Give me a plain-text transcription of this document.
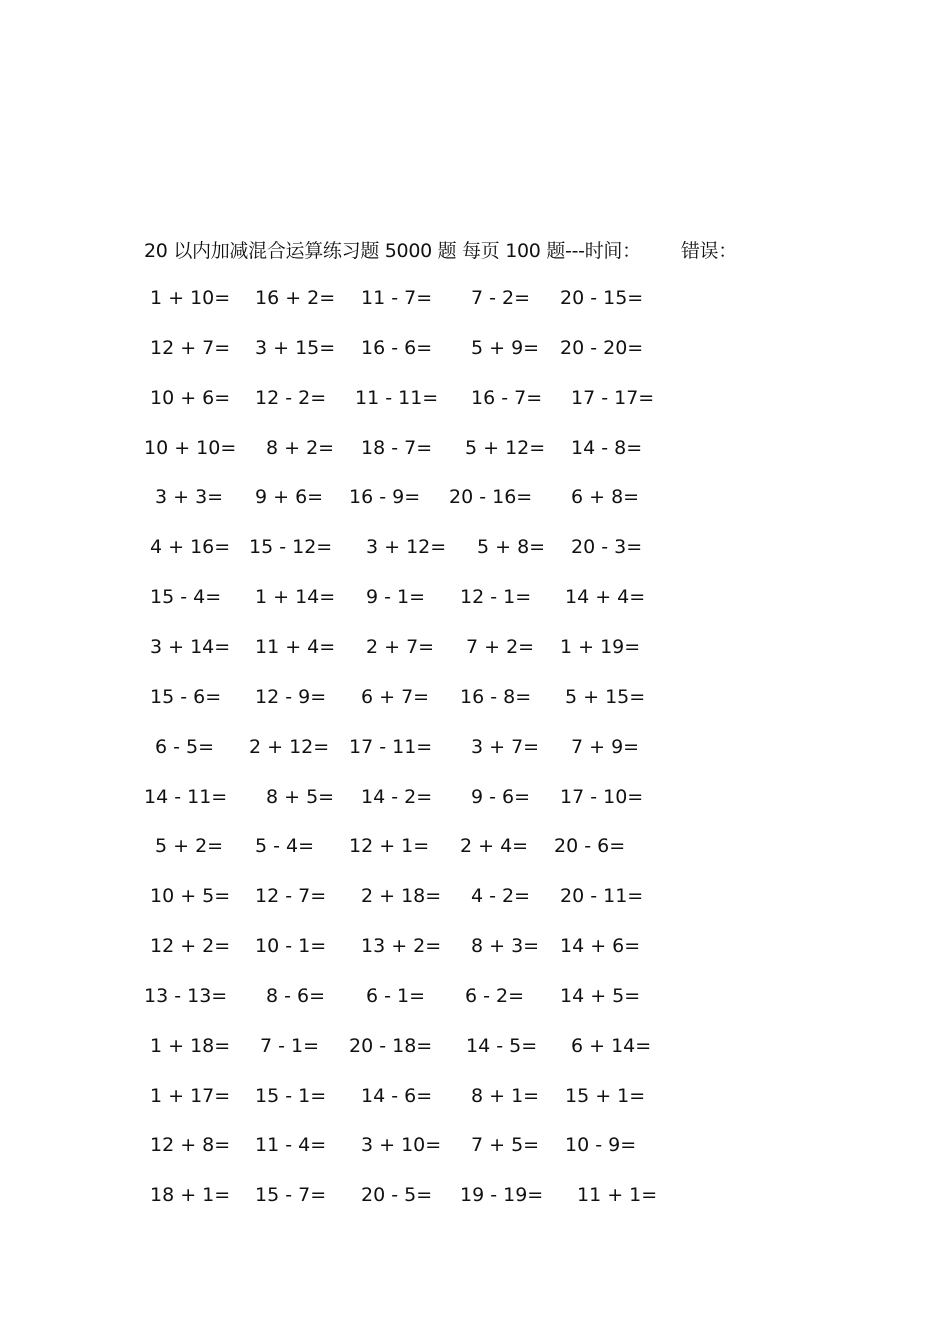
20 以内加减混合运算练习题 5000 题 每页 100 题---时间： 错误：
1 + 10= 16 + 2= 11 - 7= 7 - 2= 20 - 15=
12 + 7= 3 + 15= 16 - 6= 5 + 9= 20 - 20=
10 + 6= 12 - 2= 11 - 11= 16 - 7= 17 - 17=
10 + 10= 8 + 2= 18 - 7= 5 + 12= 14 - 8=
3 + 3= 9 + 6= 16 - 9= 20 - 16= 6 + 8=
4 + 16= 15 - 12= 3 + 12= 5 + 8= 20 - 3=
15 - 4= 1 + 14= 9 - 1= 12 - 1= 14 + 4=
3 + 14= 11 + 4= 2 + 7= 7 + 2= 1 + 19=
15 - 6= 12 - 9= 6 + 7= 16 - 8= 5 + 15=
6 - 5= 2 + 12= 17 - 11= 3 + 7= 7 + 9=
14 - 11= 8 + 5= 14 - 2= 9 - 6= 17 - 10=
5 + 2= 5 - 4= 12 + 1= 2 + 4= 20 - 6=
10 + 5= 12 - 7= 2 + 18= 4 - 2= 20 - 11=
12 + 2= 10 - 1= 13 + 2= 8 + 3= 14 + 6=
13 - 13= 8 - 6= 6 - 1= 6 - 2= 14 + 5=
1 + 18= 7 - 1= 20 - 18= 14 - 5= 6 + 14=
1 + 17= 15 - 1= 14 - 6= 8 + 1= 15 + 1=
12 + 8= 11 - 4= 3 + 10= 7 + 5= 10 - 9=
18 + 1= 15 - 7= 20 - 5= 19 - 19= 11 + 1=
